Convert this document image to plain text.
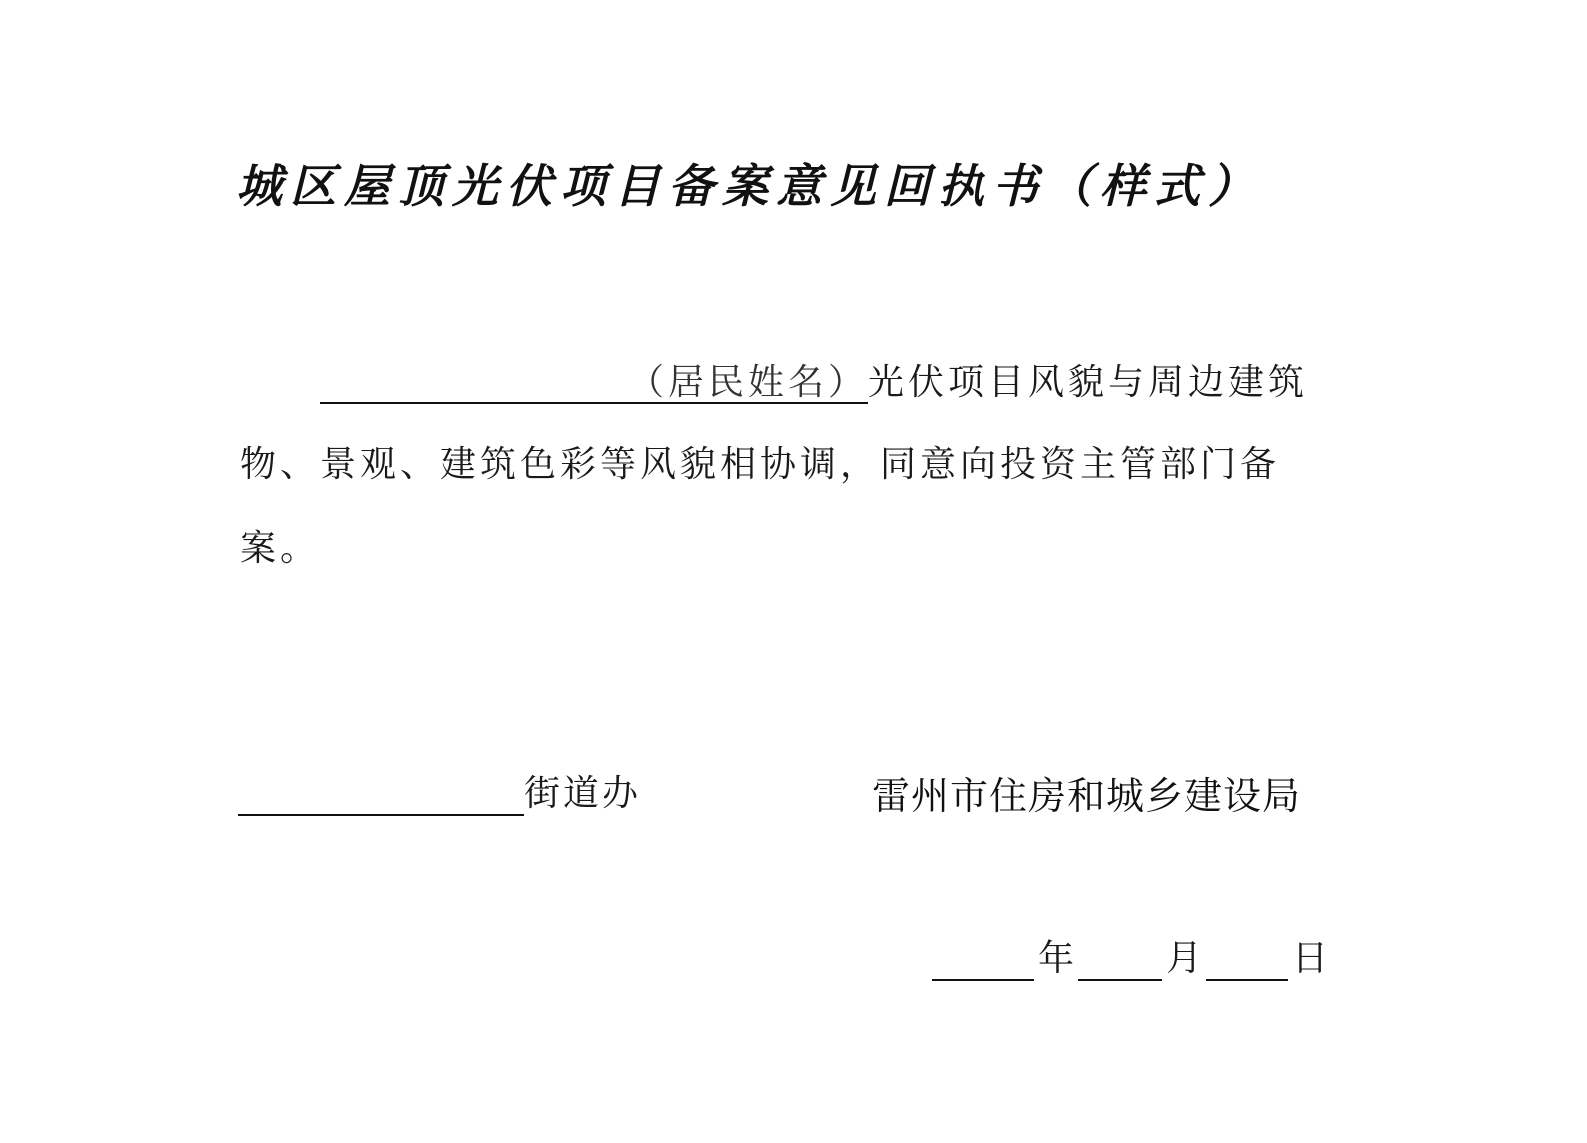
城区屋顶光伏项目备案意见回执书（样式）
（居民姓名）光伏项目风貌与周边建筑
物、景观、建筑色彩等风貌相协调，同意向投资主管部门备
案。
街道办	雷州市住房和城乡建设局
年	月	日
